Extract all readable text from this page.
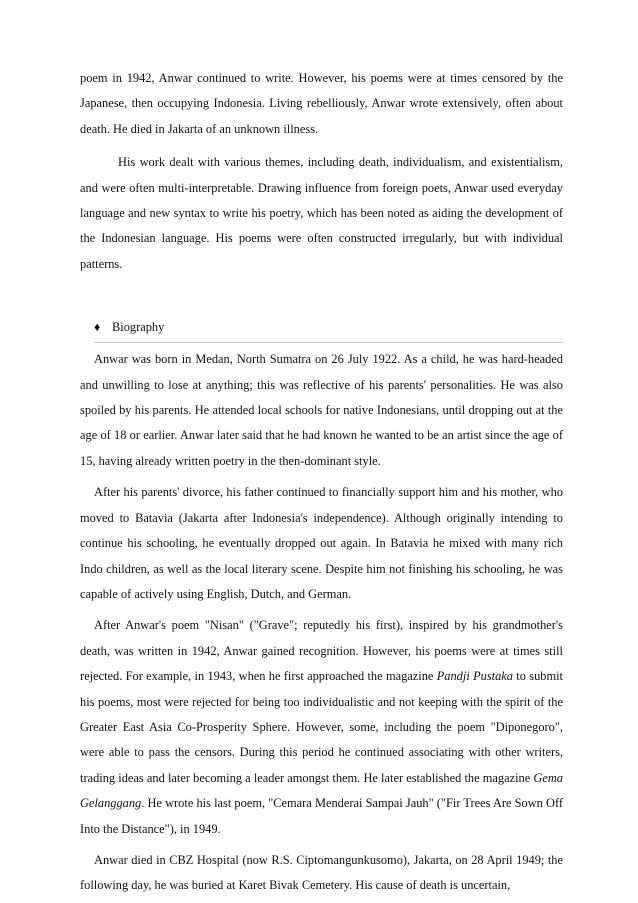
poem in 1942, Anwar continued to write. However, his poems were at times censored by the Japanese, then occupying Indonesia. Living rebelliously, Anwar wrote extensively, often about death. He died in Jakarta of an unknown illness.

His work dealt with various themes, including death, individualism, and existentialism, and were often multi-interpretable. Drawing influence from foreign poets, Anwar used everyday language and new syntax to write his poetry, which has been noted as aiding the development of the Indonesian language. His poems were often constructed irregularly, but with individual patterns.

♦ Biography

Anwar was born in Medan, North Sumatra on 26 July 1922. As a child, he was hard-headed and unwilling to lose at anything; this was reflective of his parents' personalities. He was also spoiled by his parents. He attended local schools for native Indonesians, until dropping out at the age of 18 or earlier. Anwar later said that he had known he wanted to be an artist since the age of 15, having already written poetry in the then-dominant style.

After his parents' divorce, his father continued to financially support him and his mother, who moved to Batavia (Jakarta after Indonesia's independence). Although originally intending to continue his schooling, he eventually dropped out again. In Batavia he mixed with many rich Indo children, as well as the local literary scene. Despite him not finishing his schooling, he was capable of actively using English, Dutch, and German.

After Anwar's poem "Nisan" ("Grave"; reputedly his first), inspired by his grandmother's death, was written in 1942, Anwar gained recognition. However, his poems were at times still rejected. For example, in 1943, when he first approached the magazine Pandji Pustaka to submit his poems, most were rejected for being too individualistic and not keeping with the spirit of the Greater East Asia Co-Prosperity Sphere. However, some, including the poem "Diponegoro", were able to pass the censors. During this period he continued associating with other writers, trading ideas and later becoming a leader amongst them. He later established the magazine Gema Gelanggang. He wrote his last poem, "Cemara Menderai Sampai Jauh" ("Fir Trees Are Sown Off Into the Distance"), in 1949.

Anwar died in CBZ Hospital (now R.S. Ciptomangunkusomo), Jakarta, on 28 April 1949; the following day, he was buried at Karet Bivak Cemetery. His cause of death is uncertain,
